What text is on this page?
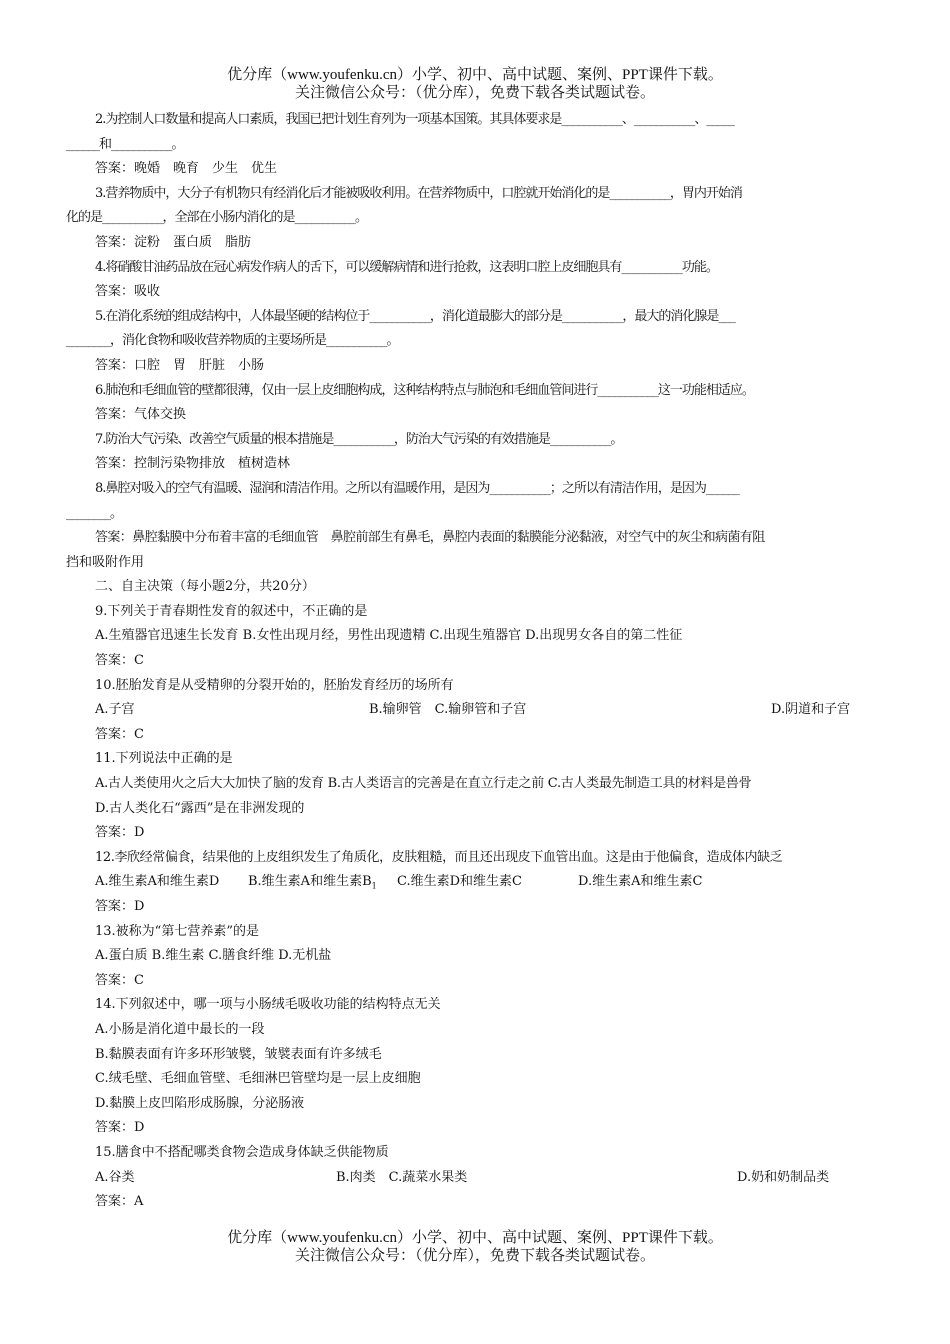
优分库（www.youfenku.cn）小学、初中、高中试题、案例、PPT课件下载。
关注微信公众号：（优分库），免费下载各类试题试卷。
2.为控制人口数量和提高人口素质，我国已把计划生育列为一项基本国策。其具体要求是___________、___________、_____
______和___________。
答案：晚婚　晚育　少生　优生
3.营养物质中，大分子有机物只有经消化后才能被吸收利用。在营养物质中，口腔就开始消化的是___________，胃内开始消
化的是___________，全部在小肠内消化的是___________。
答案：淀粉　蛋白质　脂肪
4.将硝酸甘油药品放在冠心病发作病人的舌下，可以缓解病情和进行抢救，这表明口腔上皮细胞具有___________功能。
答案：吸收
5.在消化系统的组成结构中，人体最坚硬的结构位于___________，消化道最膨大的部分是___________，最大的消化腺是___
________，消化食物和吸收营养物质的主要场所是___________。
答案：口腔　胃　肝脏　小肠
6.肺泡和毛细血管的壁都很薄，仅由一层上皮细胞构成，这种结构特点与肺泡和毛细血管间进行___________这一功能相适应。
答案：气体交换
7.防治大气污染、改善空气质量的根本措施是___________，防治大气污染的有效措施是___________。
答案：控制污染物排放　植树造林
8.鼻腔对吸入的空气有温暖、湿润和清洁作用。之所以有温暖作用，是因为___________；之所以有清洁作用，是因为______
________。
答案：鼻腔黏膜中分布着丰富的毛细血管　鼻腔前部生有鼻毛，鼻腔内表面的黏膜能分泌黏液，对空气中的灰尘和病菌有阻
挡和吸附作用
二、自主决策（每小题2分，共20分）
9.下列关于青春期性发育的叙述中，不正确的是
A.生殖器官迅速生长发育 B.女性出现月经，男性出现遗精 C.出现生殖器官 D.出现男女各自的第二性征
答案：C
10.胚胎发育是从受精卵的分裂开始的，胚胎发育经历的场所有
A.子宫	B.输卵管　C.输卵管和子宫	D.阴道和子宫
答案：C
11.下列说法中正确的是
A.古人类使用火之后大大加快了脑的发育 B.古人类语言的完善是在直立行走之前 C.古人类最先制造工具的材料是兽骨
D.古人类化石“露西”是在非洲发现的
答案：D
12.李欣经常偏食，结果他的上皮组织发生了角质化，皮肤粗糙，而且还出现皮下血管出血。这是由于他偏食，造成体内缺乏
A.维生素A和维生素D B.维生素A和维生素$B_1$ C.维生素D和维生素C	D.维生素A和维生素C
答案：D
13.被称为“第七营养素”的是
A.蛋白质 B.维生素 C.膳食纤维 D.无机盐
答案：C
14.下列叙述中，哪一项与小肠绒毛吸收功能的结构特点无关
A.小肠是消化道中最长的一段
B.黏膜表面有许多环形皱襞，皱襞表面有许多绒毛
C.绒毛壁、毛细血管壁、毛细淋巴管壁均是一层上皮细胞
D.黏膜上皮凹陷形成肠腺，分泌肠液
答案：D
15.膳食中不搭配哪类食物会造成身体缺乏供能物质
A.谷类	B.肉类　C.蔬菜水果类	D.奶和奶制品类
答案：A
优分库（www.youfenku.cn）小学、初中、高中试题、案例、PPT课件下载。
关注微信公众号：（优分库），免费下载各类试题试卷。
